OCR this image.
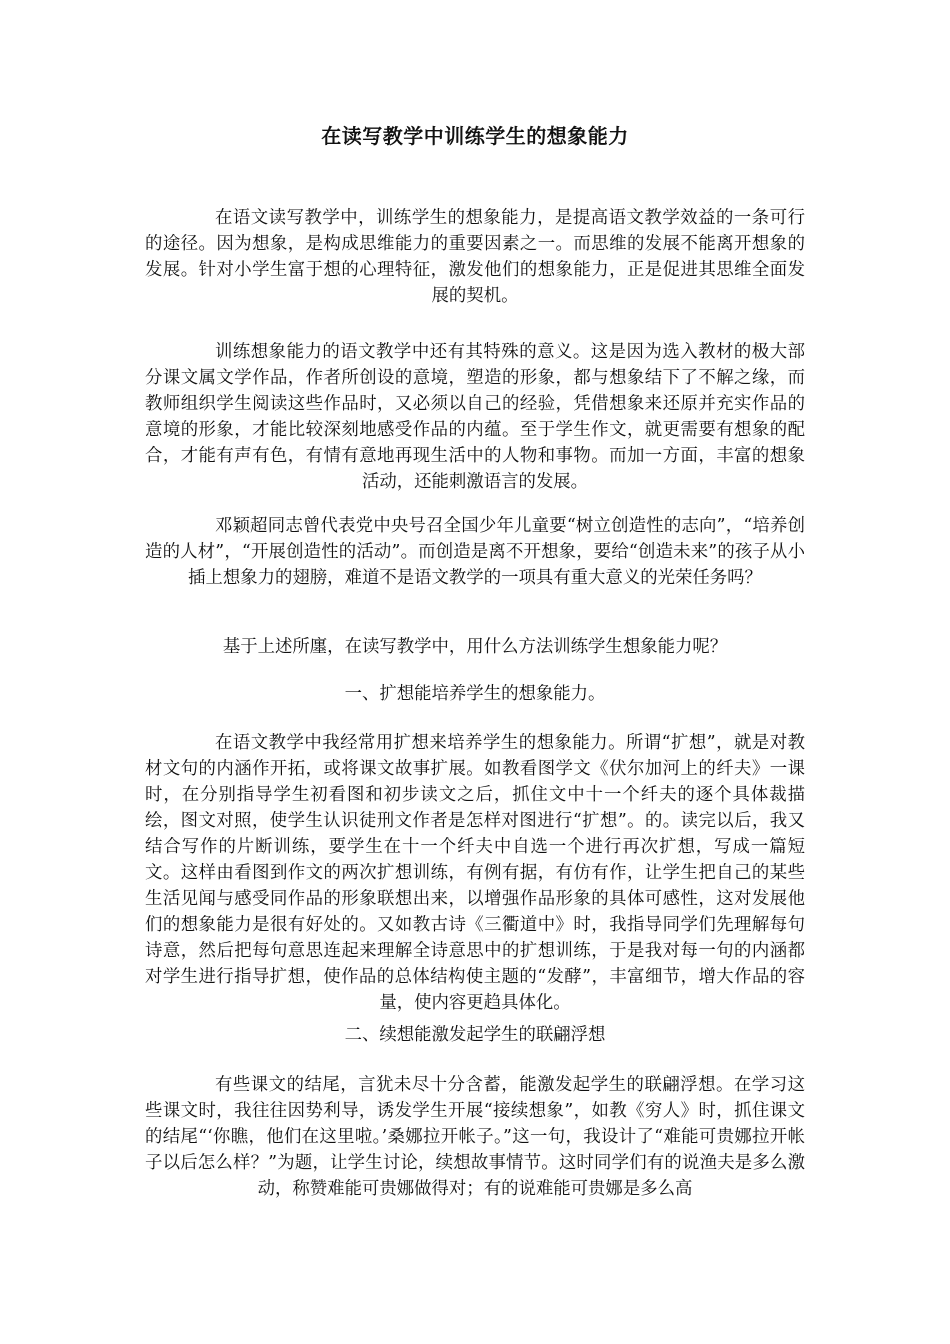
在读写教学中训练学生的想象能力

在语文读写教学中，训练学生的想象能力，是提高语文教学效益的一条可行的途径。因为想象，是构成思维能力的重要因素之一。而思维的发展不能离开想象的发展。针对小学生富于想的心理特征，激发他们的想象能力，正是促进其思维全面发展的契机。

训练想象能力的语文教学中还有其特殊的意义。这是因为选入教材的极大部分课文属文学作品，作者所创设的意境，塑造的形象，都与想象结下了不解之缘，而教师组织学生阅读这些作品时，又必须以自己的经验，凭借想象来还原并充实作品的意境的形象，才能比较深刻地感受作品的内蕴。至于学生作文，就更需要有想象的配合，才能有声有色，有情有意地再现生活中的人物和事物。而加一方面，丰富的想象活动，还能刺激语言的发展。

邓颖超同志曾代表党中央号召全国少年儿童要“树立创造性的志向”，“培养创造的人材”，“开展创造性的活动”。而创造是离不开想象，要给“创造未来”的孩子从小插上想象力的翅膀，难道不是语文教学的一项具有重大意义的光荣任务吗？

基于上述所廛，在读写教学中，用什么方法训练学生想象能力呢？

一、扩想能培养学生的想象能力。

在语文教学中我经常用扩想来培养学生的想象能力。所谓“扩想”，就是对教材文句的内涵作开拓，或将课文故事扩展。如教看图学文《伏尔加河上的纤夫》一课时，在分别指导学生初看图和初步读文之后，抓住文中十一个纤夫的逐个具体裁描绘，图文对照，使学生认识徒刑文作者是怎样对图进行“扩想”。的。读完以后，我又结合写作的片断训练，要学生在十一个纤夫中自选一个进行再次扩想，写成一篇短文。这样由看图到作文的两次扩想训练，有例有据，有仿有作，让学生把自己的某些生活见闻与感受同作品的形象联想出来，以增强作品形象的具体可感性，这对发展他们的想象能力是很有好处的。又如教古诗《三衢道中》时，我指导同学们先理解每句诗意，然后把每句意思连起来理解全诗意思中的扩想训练，于是我对每一句的内涵都对学生进行指导扩想，使作品的总体结构使主题的“发酵”，丰富细节，增大作品的容量，使内容更趋具体化。

二、续想能激发起学生的联翩浮想

有些课文的结尾，言犹未尽十分含蓄，能激发起学生的联翩浮想。在学习这些课文时，我往往因势利导，诱发学生开展“接续想象”，如教《穷人》时，抓住课文的结尾“‘你瞧，他们在这里啦。’桑娜拉开帐子。”这一句，我设计了“难能可贵娜拉开帐子以后怎么样？”为题，让学生讨论，续想故事情节。这时同学们有的说渔夫是多么激动，称赞难能可贵娜做得对；有的说难能可贵娜是多么高
